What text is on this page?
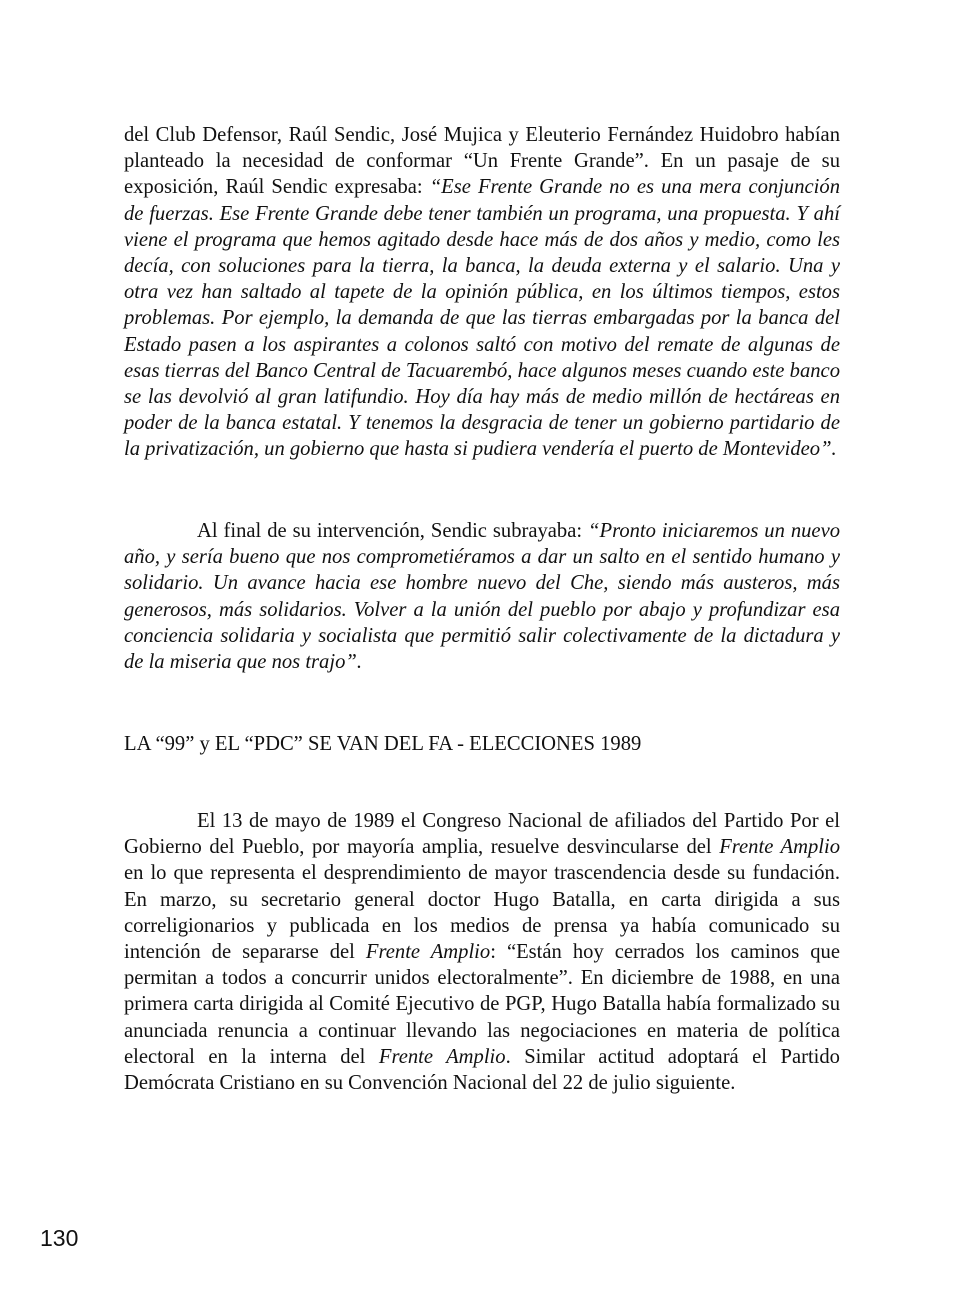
del Club Defensor, Raúl Sendic, José Mujica y Eleuterio Fernández Huidobro habían planteado la necesidad de conformar “Un Frente Grande”. En un pasaje de su exposición, Raúl Sendic expresaba: “Ese Frente Grande no es una mera conjunción de fuerzas. Ese Frente Grande debe tener también un programa, una propuesta. Y ahí viene el programa que hemos agitado desde hace más de dos años y medio, como les decía, con soluciones para la tierra, la banca, la deuda externa y el salario. Una y otra vez han saltado al tapete de la opinión pública, en los últimos tiempos, estos problemas. Por ejemplo, la demanda de que las tierras embargadas por la banca del Estado pasen a los aspirantes a colonos saltó con motivo del remate de algunas de esas tierras del Banco Central de Tacuarembó, hace algunos meses cuando este banco se las devolvió al gran latifundio. Hoy día hay más de medio millón de hectáreas en poder de la banca estatal. Y tenemos la desgracia de tener un gobierno partidario de la privatización, un gobierno que hasta si pudiera vendería el puerto de Montevideo”.

Al final de su intervención, Sendic subrayaba: “Pronto iniciaremos un nuevo año, y sería bueno que nos comprometiéramos a dar un salto en el sentido humano y solidario. Un avance hacia ese hombre nuevo del Che, siendo más austeros, más generosos, más solidarios. Volver a la unión del pueblo por abajo y profundizar esa conciencia solidaria y socialista que permitió salir colectivamente de la dictadura y de la miseria que nos trajo”.

LA “99” y EL “PDC” SE VAN DEL FA - ELECCIONES 1989

El 13 de mayo de 1989 el Congreso Nacional de afiliados del Partido Por el Gobierno del Pueblo, por mayoría amplia, resuelve desvincularse del Frente Amplio en lo que representa el desprendimiento de mayor trascendencia desde su fundación. En marzo, su secretario general doctor Hugo Batalla, en carta dirigida a sus correligionarios y publicada en los medios de prensa ya había comunicado su intención de separarse del Frente Amplio: “Están hoy cerrados los caminos que permitan a todos a concurrir unidos electoralmente”. En diciembre de 1988, en una primera carta dirigida al Comité Ejecutivo de PGP, Hugo Batalla había formalizado su anunciada renuncia a continuar llevando las negociaciones en materia de política electoral en la interna del Frente Amplio. Similar actitud adoptará el Partido Demócrata Cristiano en su Convención Nacional del 22 de julio siguiente.

130
